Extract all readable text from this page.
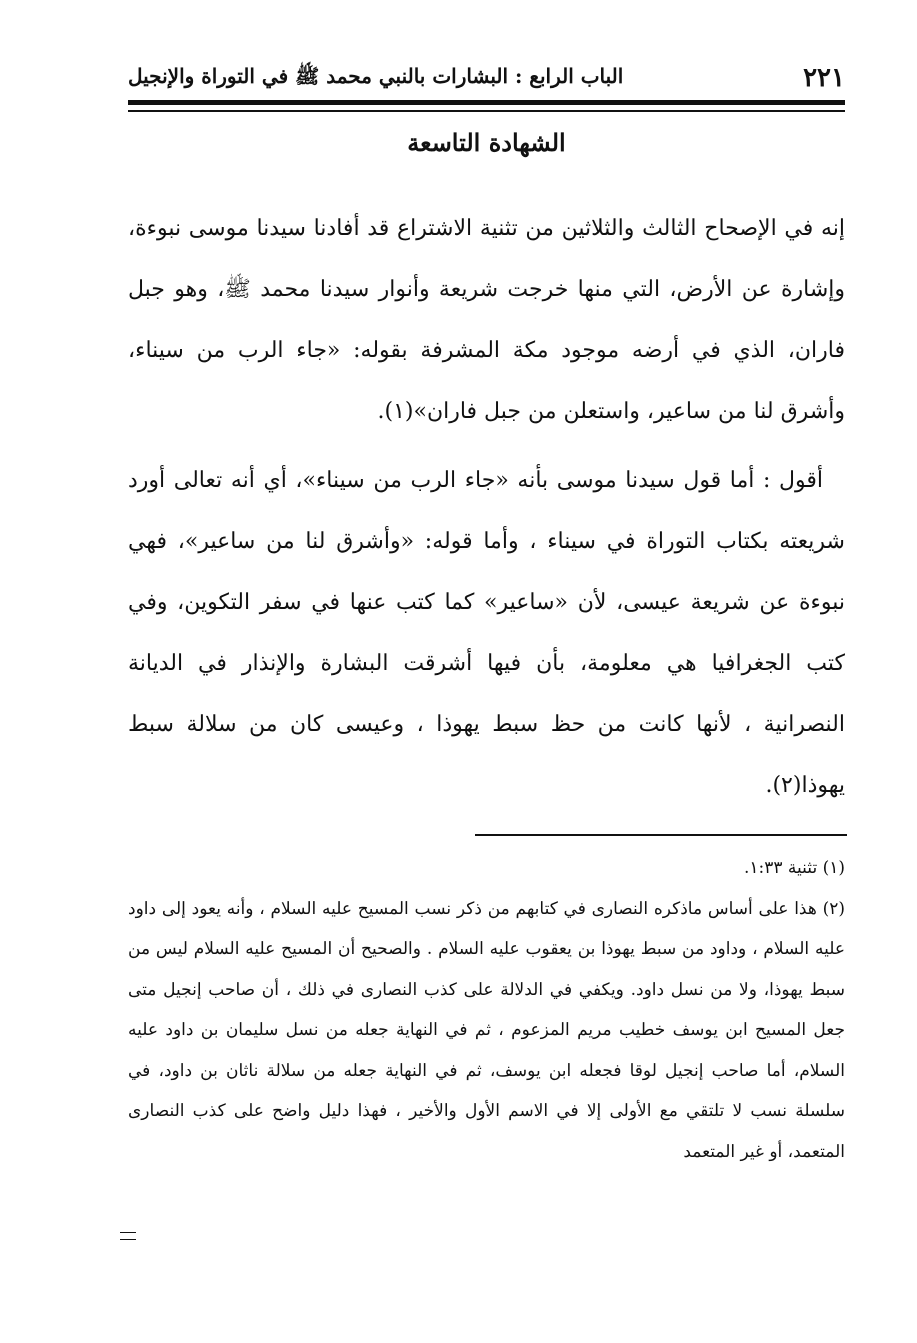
٢٢١
الباب الرابع : البشارات بالنبي محمد ﷺ في التوراة والإنجيل
الشهادة التاسعة

إنه في الإصحاح الثالث والثلاثين من تثنية الاشتراع قد أفادنا سيدنا موسى نبوءة، وإشارة عن الأرض، التي منها خرجت شريعة وأنوار سيدنا محمد ﷺ، وهو جبل فاران، الذي في أرضه موجود مكة المشرفة بقوله: «جاء الرب من سيناء، وأشرق لنا من ساعير، واستعلن من جبل فاران»(١).

أقول : أما قول سيدنا موسى بأنه «جاء الرب من سيناء»، أي أنه تعالى أورد شريعته بكتاب التوراة في سيناء ، وأما قوله: «وأشرق لنا من ساعير»، فهي نبوءة عن شريعة عيسى، لأن «ساعير» كما كتب عنها في سفر التكوين، وفي كتب الجغرافيا هي معلومة، بأن فيها أشرقت البشارة والإنذار في الديانة النصرانية ، لأنها كانت من حظ سبط يهوذا ، وعيسى كان من سلالة سبط يهوذا(٢).

(١) تثنية ١:٣٣.

(٢) هذا على أساس ماذكره النصارى في كتابهم من ذكر نسب المسيح عليه السلام ، وأنه يعود إلى داود عليه السلام ، وداود من سبط يهوذا بن يعقوب عليه السلام . والصحيح أن المسيح عليه السلام ليس من سبط يهوذا، ولا من نسل داود. ويكفي في الدلالة على كذب النصارى في ذلك ، أن صاحب إنجيل متى جعل المسيح ابن يوسف خطيب مريم المزعوم ، ثم في النهاية جعله من نسل سليمان بن داود عليه السلام، أما صاحب إنجيل لوقا فجعله ابن يوسف، ثم في النهاية جعله من سلالة ناثان بن داود، في سلسلة نسب لا تلتقي مع الأولى إلا في الاسم الأول والأخير ، فهذا دليل واضح على كذب النصارى المتعمد، أو غير المتعمد
